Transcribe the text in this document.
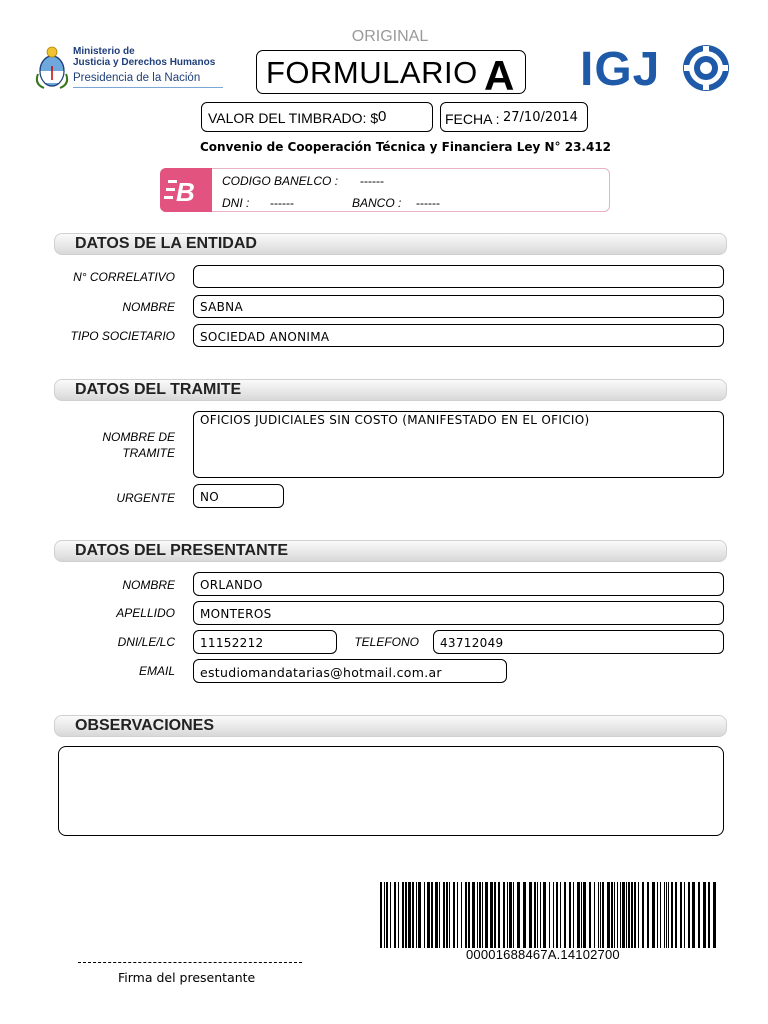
ORIGINAL
Ministerio de
Justicia y Derechos Humanos
Presidencia de la Nación FORMULARIO A IGJ
VALOR DEL TIMBRADO: $ 0	FECHA : 27/10/2014
Convenio de Cooperación Técnica y Financiera Ley N° 23.412
B CODIGO BANELCO : ------
DNI : ------	BANCO : ------
DATOS DE LA ENTIDAD
N° CORRELATIVO
NOMBRE SABNA
TIPO SOCIETARIO SOCIEDAD ANONIMA
DATOS DEL TRAMITE
NOMBRE DE
TRAMITE
OFICIOS JUDICIALES SIN COSTO (MANIFESTADO EN EL OFICIO)
URGENTE NO
DATOS DEL PRESENTANTE
NOMBRE ORLANDO
APELLIDO MONTEROS
DNI/LE/LC 11152212	TELEFONO 43712049
EMAIL estudiomandatarias@hotmail.com.ar
OBSERVACIONES
00001688467A.14102700
Firma del presentante
